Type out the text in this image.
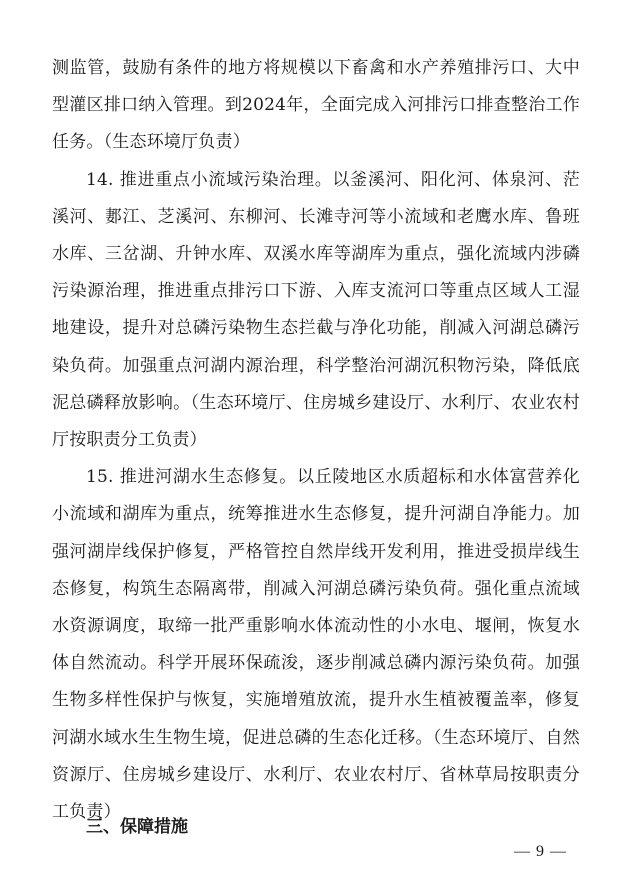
测监管，鼓励有条件的地方将规模以下畜禽和水产养殖排污口、大中型灌区排口纳入管理。到2024年，全面完成入河排污口排查整治工作任务。（生态环境厅负责）

14. 推进重点小流域污染治理。以釜溪河、阳化河、体泉河、茫溪河、郪江、芝溪河、东柳河、长滩寺河等小流域和老鹰水库、鲁班水库、三岔湖、升钟水库、双溪水库等湖库为重点，强化流域内涉磷污染源治理，推进重点排污口下游、入库支流河口等重点区域人工湿地建设，提升对总磷污染物生态拦截与净化功能，削减入河湖总磷污染负荷。加强重点河湖内源治理，科学整治河湖沉积物污染，降低底泥总磷释放影响。（生态环境厅、住房城乡建设厅、水利厅、农业农村厅按职责分工负责）

15. 推进河湖水生态修复。以丘陵地区水质超标和水体富营养化小流域和湖库为重点，统筹推进水生态修复，提升河湖自净能力。加强河湖岸线保护修复，严格管控自然岸线开发利用，推进受损岸线生态修复，构筑生态隔离带，削减入河湖总磷污染负荷。强化重点流域水资源调度，取缔一批严重影响水体流动性的小水电、堰闸，恢复水体自然流动。科学开展环保疏浚，逐步削减总磷内源污染负荷。加强生物多样性保护与恢复，实施增殖放流，提升水生植被覆盖率，修复河湖水域水生生物生境，促进总磷的生态化迁移。（生态环境厅、自然资源厅、住房城乡建设厅、水利厅、农业农村厅、省林草局按职责分工负责）

三、保障措施

— 9 —
